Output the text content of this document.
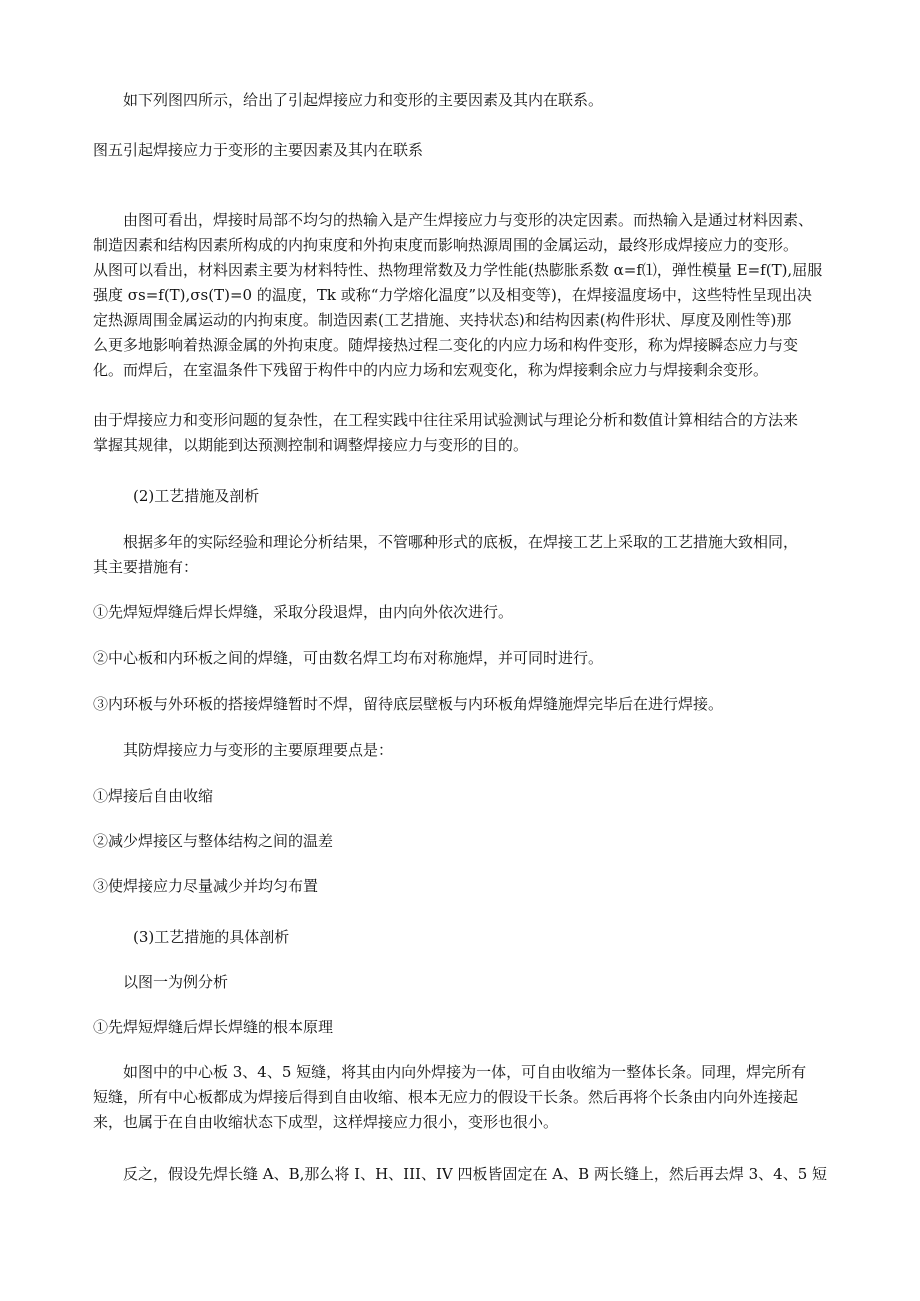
如下列图四所示，给出了引起焊接应力和变形的主要因素及其内在联系。

图五引起焊接应力于变形的主要因素及其内在联系

由图可看出，焊接时局部不均匀的热输入是产生焊接应力与变形的决定因素。而热输入是通过材料因素、
制造因素和结构因素所构成的内拘束度和外拘束度而影响热源周围的金属运动，最终形成焊接应力的变形。
从图可以看出，材料因素主要为材料特性、热物理常数及力学性能(热膨胀系数 α=f⑴，弹性模量 E=f(T),屈服
强度 σs=f(T),σs(T)=0 的温度，Tk 或称“力学熔化温度”以及相变等)，在焊接温度场中，这些特性呈现出决
定热源周围金属运动的内拘束度。制造因素(工艺措施、夹持状态)和结构因素(构件形状、厚度及刚性等)那
么更多地影响着热源金属的外拘束度。随焊接热过程二变化的内应力场和构件变形，称为焊接瞬态应力与变
化。而焊后，在室温条件下残留于构件中的内应力场和宏观变化，称为焊接剩余应力与焊接剩余变形。

由于焊接应力和变形问题的复杂性，在工程实践中往往采用试验测试与理论分析和数值计算相结合的方法来
掌握其规律，以期能到达预测控制和调整焊接应力与变形的目的。

(2)工艺措施及剖析

根据多年的实际经验和理论分析结果，不管哪种形式的底板，在焊接工艺上采取的工艺措施大致相同，
其主要措施有：

①先焊短焊缝后焊长焊缝，采取分段退焊，由内向外依次进行。

②中心板和内环板之间的焊缝，可由数名焊工均布对称施焊，并可同时进行。

③内环板与外环板的搭接焊缝暂时不焊，留待底层壁板与内环板角焊缝施焊完毕后在进行焊接。

其防焊接应力与变形的主要原理要点是：

①焊接后自由收缩

②减少焊接区与整体结构之间的温差

③使焊接应力尽量减少并均匀布置

(3)工艺措施的具体剖析

以图一为例分析

①先焊短焊缝后焊长焊缝的根本原理

如图中的中心板 3、4、5 短缝，将其由内向外焊接为一体，可自由收缩为一整体长条。同理，焊完所有
短缝，所有中心板都成为焊接后得到自由收缩、根本无应力的假设干长条。然后再将个长条由内向外连接起
来，也属于在自由收缩状态下成型，这样焊接应力很小，变形也很小。

反之，假设先焊长缝 A、B,那么将 I、H、III、IV 四板皆固定在 A、B 两长缝上，然后再去焊 3、4、5 短
